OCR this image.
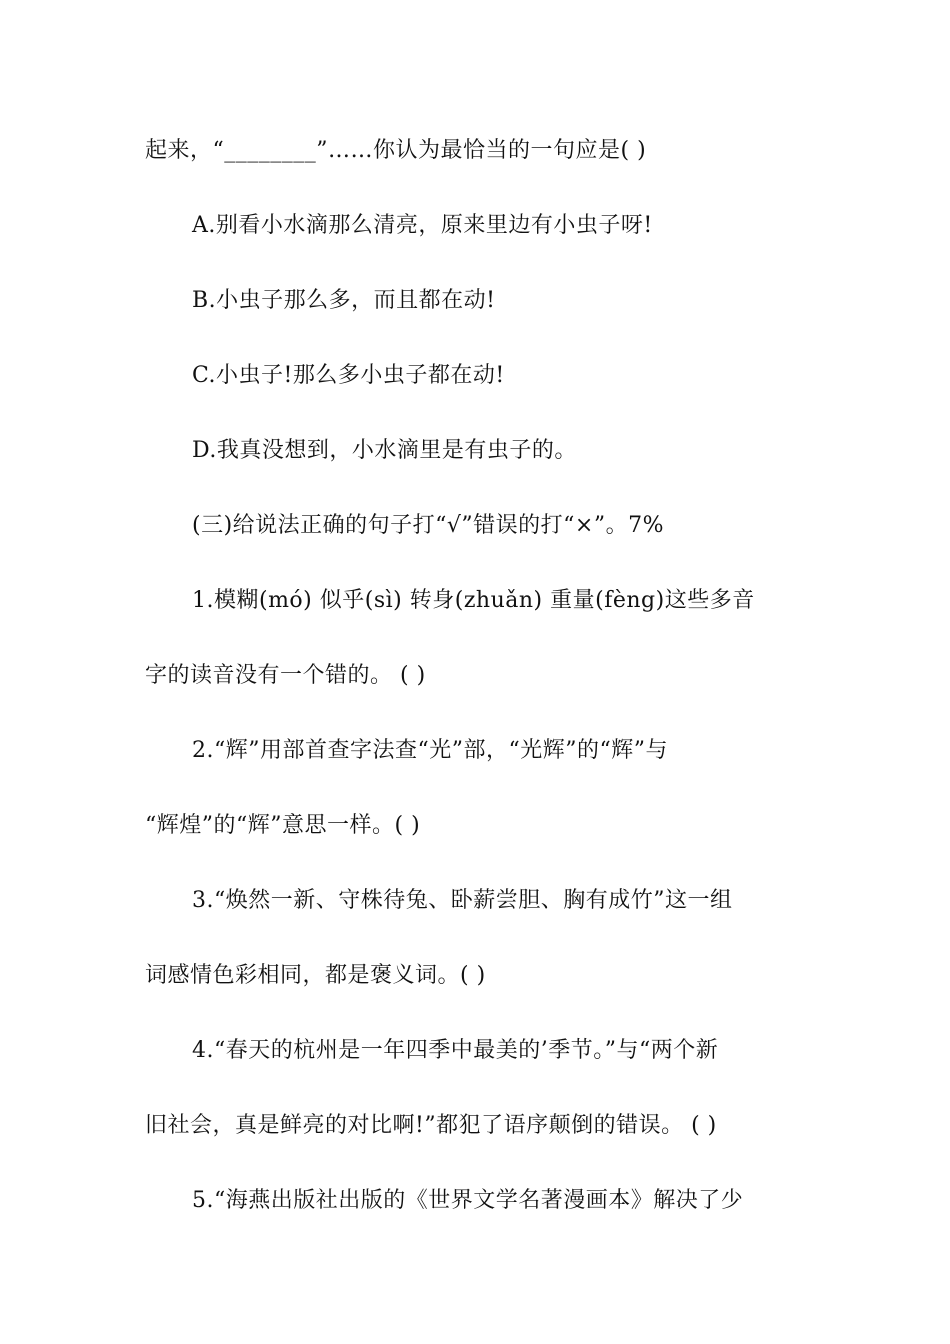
起来，“________”……你认为最恰当的一句应是( )
A.别看小水滴那么清亮，原来里边有小虫子呀!
B.小虫子那么多，而且都在动!
C.小虫子!那么多小虫子都在动!
D.我真没想到，小水滴里是有虫子的。
(三)给说法正确的句子打“√”错误的打“×”。7%
1.模糊(mó) 似乎(sì) 转身(zhuǎn) 重量(fèng)这些多音
字的读音没有一个错的。 ( )
2.“辉”用部首查字法查“光”部，“光辉”的“辉”与
“辉煌”的“辉”意思一样。( )
3.“焕然一新、守株待兔、卧薪尝胆、胸有成竹”这一组
词感情色彩相同，都是褒义词。( )
4.“春天的杭州是一年四季中最美的’季节。”与“两个新
旧社会，真是鲜亮的对比啊!”都犯了语序颠倒的错误。 ( )
5.“海燕出版社出版的《世界文学名著漫画本》解决了少
